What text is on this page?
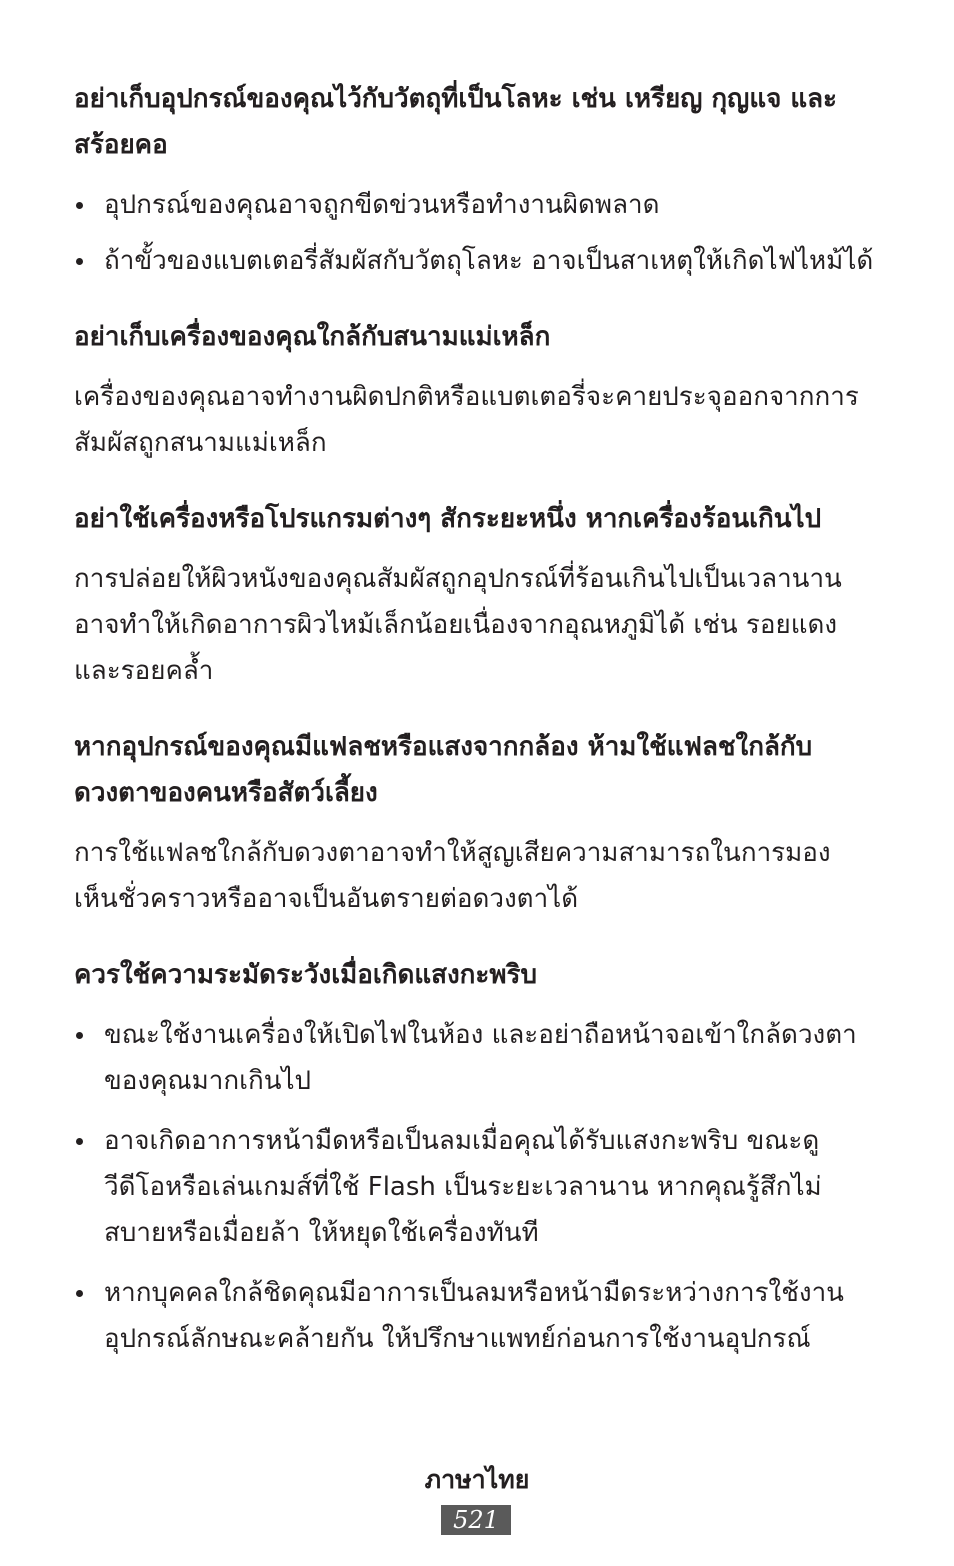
อย่าเก็บอุปกรณ์ของคุณไว้กับวัตถุที่เป็นโลหะ เช่น เหรียญ กุญแจ และสร้อยคอ
อุปกรณ์ของคุณอาจถูกขีดข่วนหรือทำงานผิดพลาด
ถ้าขั้วของแบตเตอรี่สัมผัสกับวัตถุโลหะ อาจเป็นสาเหตุให้เกิดไฟไหม้ได้
อย่าเก็บเครื่องของคุณใกล้กับสนามแม่เหล็ก

เครื่องของคุณอาจทำงานผิดปกติหรือแบตเตอรี่จะคายประจุออกจากการสัมผัสถูกสนามแม่เหล็ก

อย่าใช้เครื่องหรือโปรแกรมต่างๆ สักระยะหนึ่ง หากเครื่องร้อนเกินไป

การปล่อยให้ผิวหนังของคุณสัมผัสถูกอุปกรณ์ที่ร้อนเกินไปเป็นเวลานาน อาจทำให้เกิดอาการผิวไหม้เล็กน้อยเนื่องจากอุณหภูมิได้ เช่น รอยแดงและรอยคล้ำ

หากอุปกรณ์ของคุณมีแฟลชหรือแสงจากกล้อง ห้ามใช้แฟลชใกล้กับดวงตาของคนหรือสัตว์เลี้ยง

การใช้แฟลชใกล้กับดวงตาอาจทำให้สูญเสียความสามารถในการมองเห็นชั่วคราวหรืออาจเป็นอันตรายต่อดวงตาได้

ควรใช้ความระมัดระวังเมื่อเกิดแสงกะพริบ
ขณะใช้งานเครื่องให้เปิดไฟในห้อง และอย่าถือหน้าจอเข้าใกล้ดวงตาของคุณมากเกินไป
อาจเกิดอาการหน้ามืดหรือเป็นลมเมื่อคุณได้รับแสงกะพริบ ขณะดูวีดีโอหรือเล่นเกมส์ที่ใช้ Flash เป็นระยะเวลานาน หากคุณรู้สึกไม่สบายหรือเมื่อยล้า ให้หยุดใช้เครื่องทันที
หากบุคคลใกล้ชิดคุณมีอาการเป็นลมหรือหน้ามืดระหว่างการใช้งานอุปกรณ์ลักษณะคล้ายกัน ให้ปรึกษาแพทย์ก่อนการใช้งานอุปกรณ์
ภาษาไทย
521
